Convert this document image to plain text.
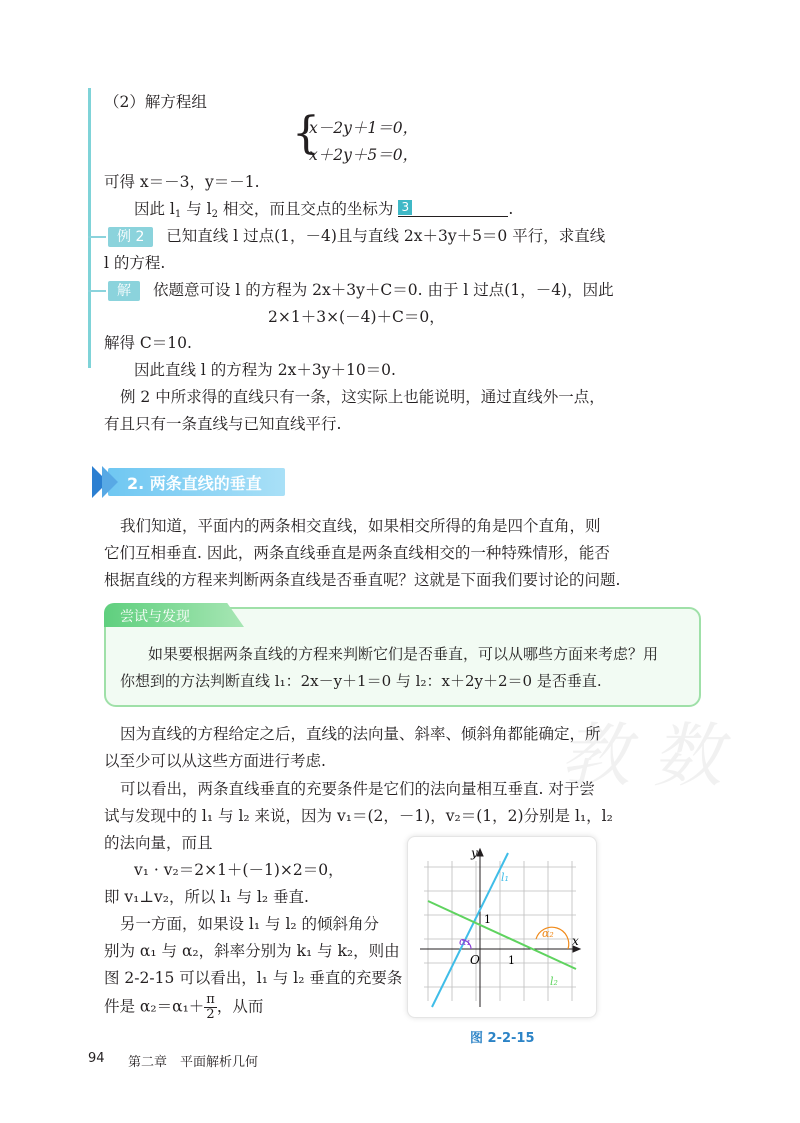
（2）解方程组
{
x－2y＋1＝0，
x＋2y＋5＝0，
可得 x＝－3，y＝－1.
因此 $l_1$ 与 $l_2$ 相交，而且交点的坐标为 3	.
例 2 已知直线 l 过点(1，－4)且与直线 2x＋3y＋5＝0 平行，求直线
l 的方程.
解 依题意可设 l 的方程为 2x＋3y＋C＝0. 由于 l 过点(1，－4)，因此
2×1＋3×(－4)＋C＝0，
解得 C＝10.
因此直线 l 的方程为 2x＋3y＋10＝0.
例 2 中所求得的直线只有一条，这实际上也能说明，通过直线外一点，
有且只有一条直线与已知直线平行.
2. 两条直线的垂直
我们知道，平面内的两条相交直线，如果相交所得的角是四个直角，则
它们互相垂直. 因此，两条直线垂直是两条直线相交的一种特殊情形，能否
根据直线的方程来判断两条直线是否垂直呢？这就是下面我们要讨论的问题.
尝试与发现
如果要根据两条直线的方程来判断它们是否垂直，可以从哪些方面来考虑？用
你想到的方法判断直线 l₁：2x－y＋1＝0 与 l₂：x＋2y＋2＝0 是否垂直.
教 数
因为直线的方程给定之后，直线的法向量、斜率、倾斜角都能确定，所
以至少可以从这些方面进行考虑.
可以看出，两条直线垂直的充要条件是它们的法向量相互垂直. 对于尝
试与发现中的 l₁ 与 l₂ 来说，因为 v₁＝(2，－1)，v₂＝(1，2)分别是 l₁，l₂
的法向量，而且
v₁ · v₂＝2×1＋(－1)×2＝0，
即 v₁⊥v₂，所以 l₁ 与 l₂ 垂直.
另一方面，如果设 l₁ 与 l₂ 的倾斜角分
别为 α₁ 与 α₂，斜率分别为 k₁ 与 k₂，则由
图 2-2-15 可以看出，l₁ 与 l₂ 垂直的充要条
件是 $\alpha_2=\alpha_1+ \frac{\pi}{2}$ ，从而
x
y
O	1
1
l₁
l₂
α₁
α₂
图 2-2-15
94 第二章　平面解析几何
